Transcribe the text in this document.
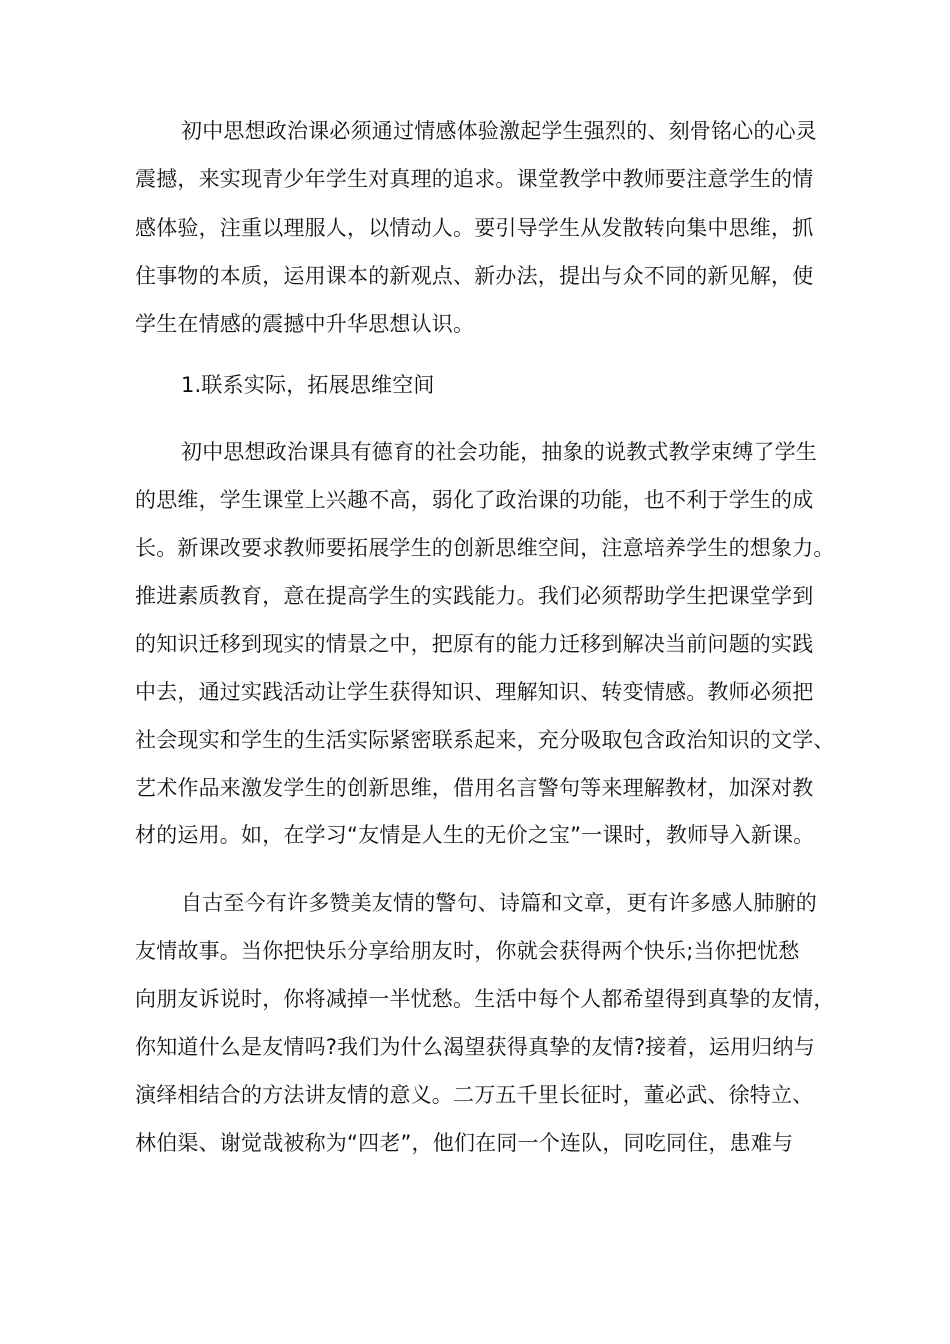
初中思想政治课必须通过情感体验激起学生强烈的、刻骨铭心的心灵
震撼，来实现青少年学生对真理的追求。课堂教学中教师要注意学生的情
感体验，注重以理服人，以情动人。要引导学生从发散转向集中思维，抓
住事物的本质，运用课本的新观点、新办法，提出与众不同的新见解，使
学生在情感的震撼中升华思想认识。
1.联系实际，拓展思维空间
初中思想政治课具有德育的社会功能，抽象的说教式教学束缚了学生
的思维，学生课堂上兴趣不高，弱化了政治课的功能，也不利于学生的成
长。新课改要求教师要拓展学生的创新思维空间，注意培养学生的想象力。
推进素质教育，意在提高学生的实践能力。我们必须帮助学生把课堂学到
的知识迁移到现实的情景之中，把原有的能力迁移到解决当前问题的实践
中去，通过实践活动让学生获得知识、理解知识、转变情感。教师必须把
社会现实和学生的生活实际紧密联系起来，充分吸取包含政治知识的文学、
艺术作品来激发学生的创新思维，借用名言警句等来理解教材，加深对教
材的运用。如，在学习“友情是人生的无价之宝”一课时，教师导入新课。
自古至今有许多赞美友情的警句、诗篇和文章，更有许多感人肺腑的
友情故事。当你把快乐分享给朋友时，你就会获得两个快乐;当你把忧愁
向朋友诉说时，你将减掉一半忧愁。生活中每个人都希望得到真挚的友情，
你知道什么是友情吗?我们为什么渴望获得真挚的友情?接着，运用归纳与
演绎相结合的方法讲友情的意义。二万五千里长征时，董必武、徐特立、
林伯渠、谢觉哉被称为“四老”，他们在同一个连队，同吃同住，患难与
